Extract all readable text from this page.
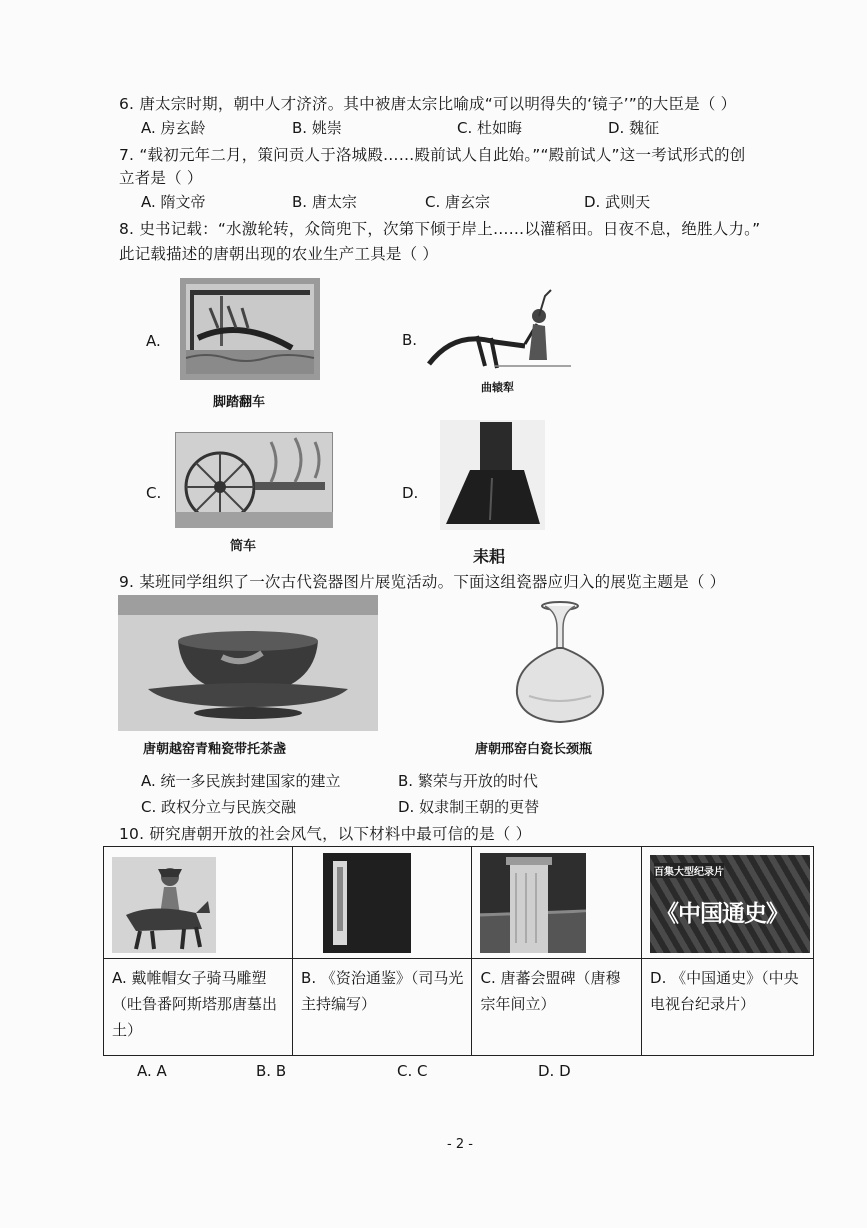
6. 唐太宗时期，朝中人才济济。其中被唐太宗比喻成“可以明得失的‘镜子’”的大臣是（ ）
A. 房玄龄	B. 姚崇	C. 杜如晦	D. 魏征
7. “载初元年二月，策问贡人于洛城殿……殿前试人自此始。”“殿前试人”这一考试形式的创
立者是（ ）
A. 隋文帝	B. 唐太宗	C. 唐玄宗	D. 武则天
8. 史书记载：“水激轮转，众筒兜下，次第下倾于岸上……以灌稻田。日夜不息，绝胜人力。”
此记载描述的唐朝出现的农业生产工具是（ ）
A.
脚踏翻车
B.
曲辕犁
C.
筒车
D.
耒耜
9. 某班同学组织了一次古代瓷器图片展览活动。下面这组瓷器应归入的展览主题是（ ）
唐朝越窑青釉瓷带托茶盏	唐朝邢窑白瓷长颈瓶
A. 统一多民族封建国家的建立	B. 繁荣与开放的时代
C. 政权分立与民族交融	D. 奴隶制王朝的更替
10. 研究唐朝开放的社会风气，以下材料中最可信的是（ ）

百集大型纪录片
《中国通史》

A. 戴帷帽女子骑马雕塑（吐鲁番阿斯塔那唐墓出土）	B. 《资治通鉴》（司马光主持编写）	C. 唐蕃会盟碑（唐穆宗年间立）	D. 《中国通史》（中央电视台纪录片）
A. A	B. B	C. C	D. D
- 2 -
